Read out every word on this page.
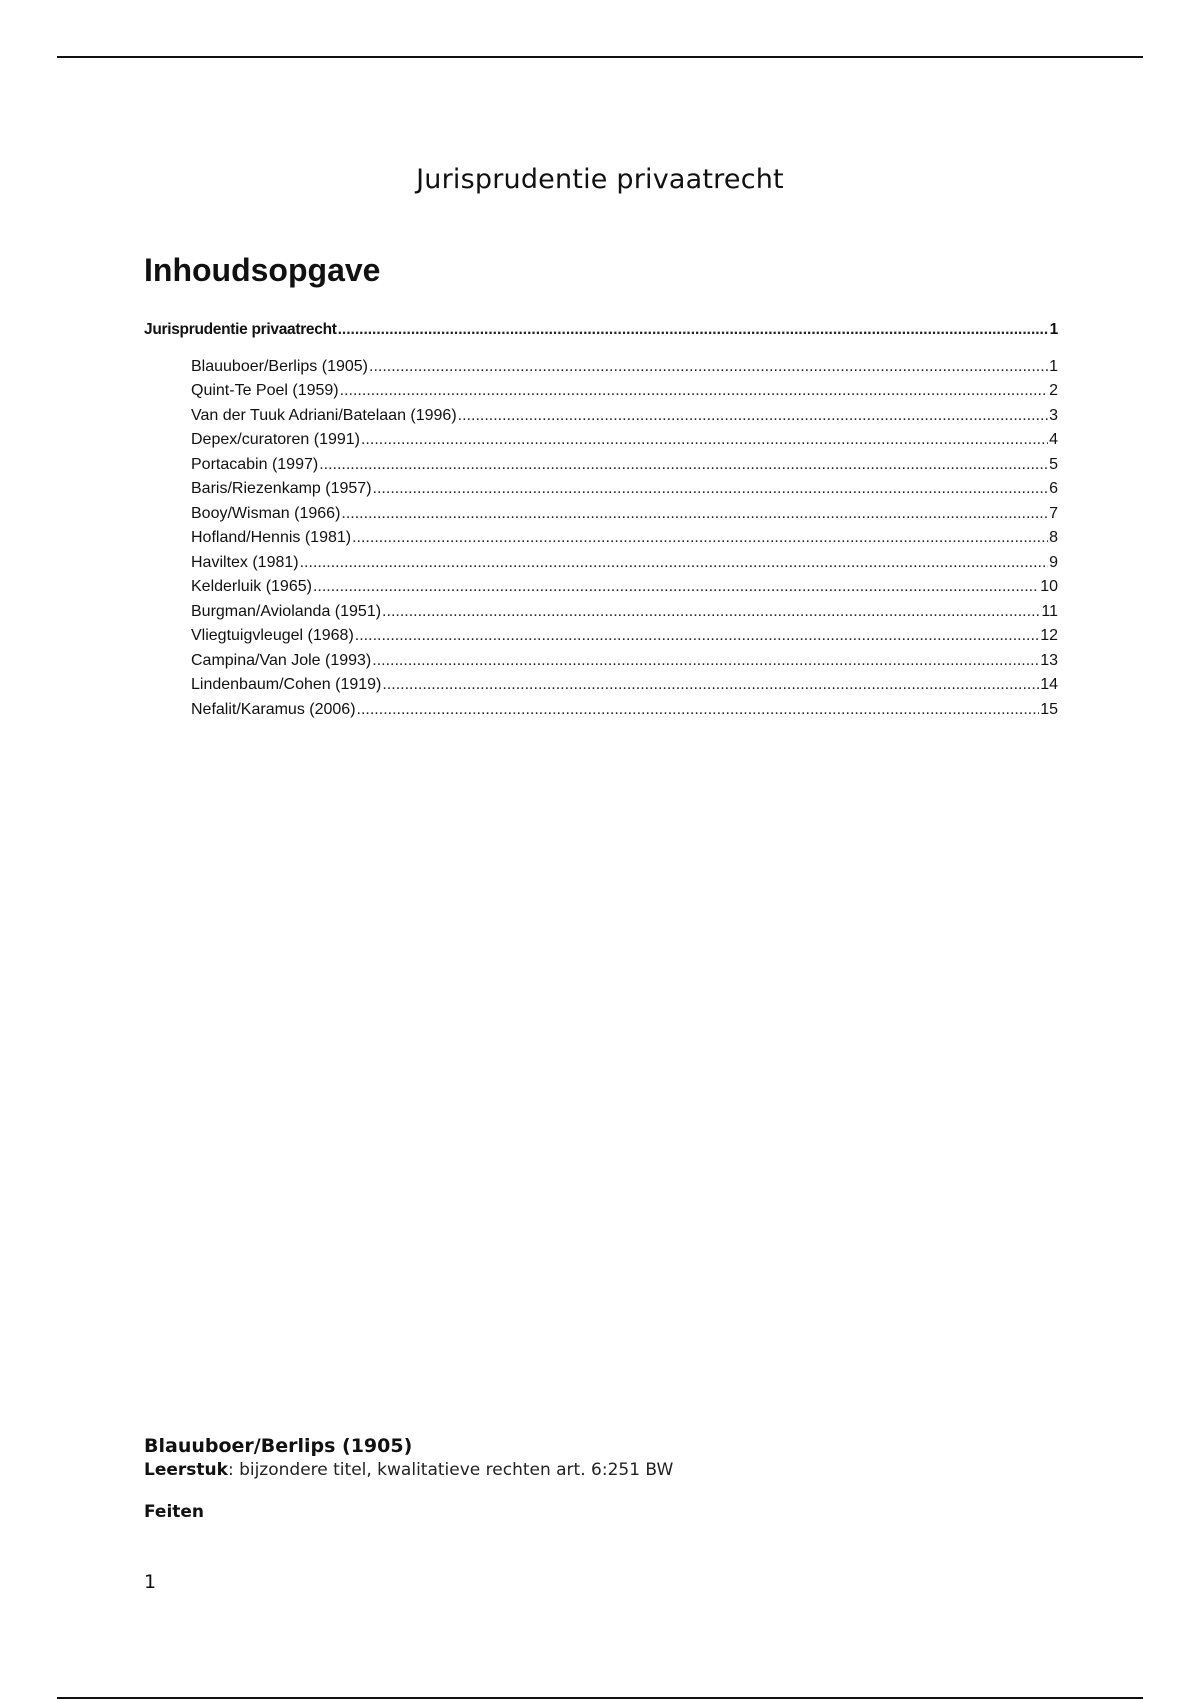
Jurisprudentie privaatrecht
Inhoudsopgave
Jurisprudentie privaatrecht .....	1
Blauuboer/Berlips (1905) .....	1
Quint-Te Poel (1959) .....	2
Van der Tuuk Adriani/Batelaan (1996) .....	3
Depex/curatoren (1991) .....	4
Portacabin (1997) .....	5
Baris/Riezenkamp (1957) .....	6
Booy/Wisman (1966) .....	7
Hofland/Hennis (1981) .....	8
Haviltex (1981) .....	9
Kelderluik (1965) .....	10
Burgman/Aviolanda (1951) .....	11
Vliegtuigvleugel (1968) .....	12
Campina/Van Jole (1993) .....	13
Lindenbaum/Cohen (1919) .....	14
Nefalit/Karamus (2006) .....	15
Blauuboer/Berlips (1905)
Leerstuk: bijzondere titel, kwalitatieve rechten art. 6:251 BW
Feiten
1
